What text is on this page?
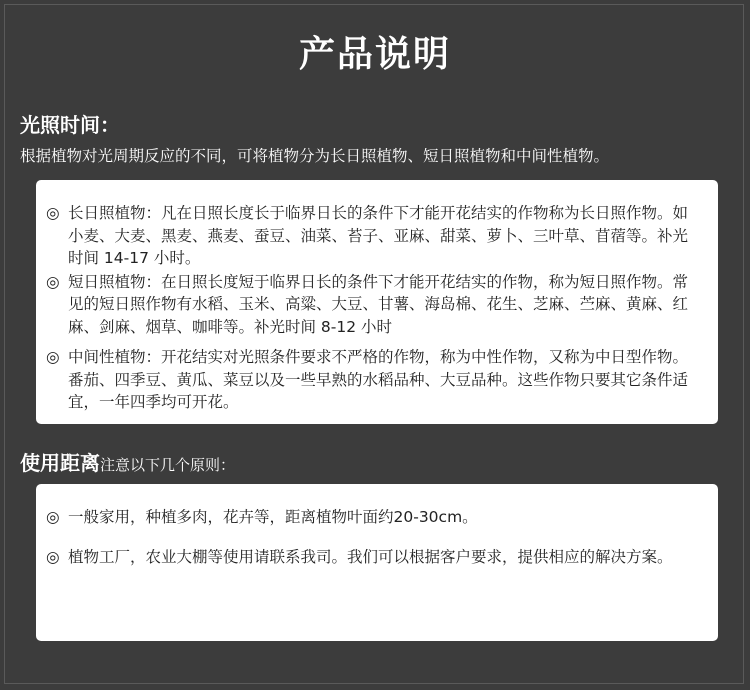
产品说明
光照时间：
根据植物对光周期反应的不同，可将植物分为长日照植物、短日照植物和中间性植物。
◎ 长日照植物：凡在日照长度长于临界日长的条件下才能开花结实的作物称为长日照作物。如小麦、大麦、黑麦、燕麦、蚕豆、油菜、苔子、亚麻、甜菜、萝卜、三叶草、苜蓿等。补光时间 14-17 小时。
◎ 短日照植物：在日照长度短于临界日长的条件下才能开花结实的作物，称为短日照作物。常见的短日照作物有水稻、玉米、高粱、大豆、甘薯、海岛棉、花生、芝麻、苎麻、黄麻、红麻、剑麻、烟草、咖啡等。补光时间 8-12 小时
◎ 中间性植物：开花结实对光照条件要求不严格的作物，称为中性作物，又称为中日型作物。番茄、四季豆、黄瓜、菜豆以及一些早熟的水稻品种、大豆品种。这些作物只要其它条件适宜，一年四季均可开花。
使用距离注意以下几个原则：
◎ 一般家用，种植多肉，花卉等，距离植物叶面约20-30cm。
◎ 植物工厂，农业大棚等使用请联系我司。我们可以根据客户要求，提供相应的解决方案。
